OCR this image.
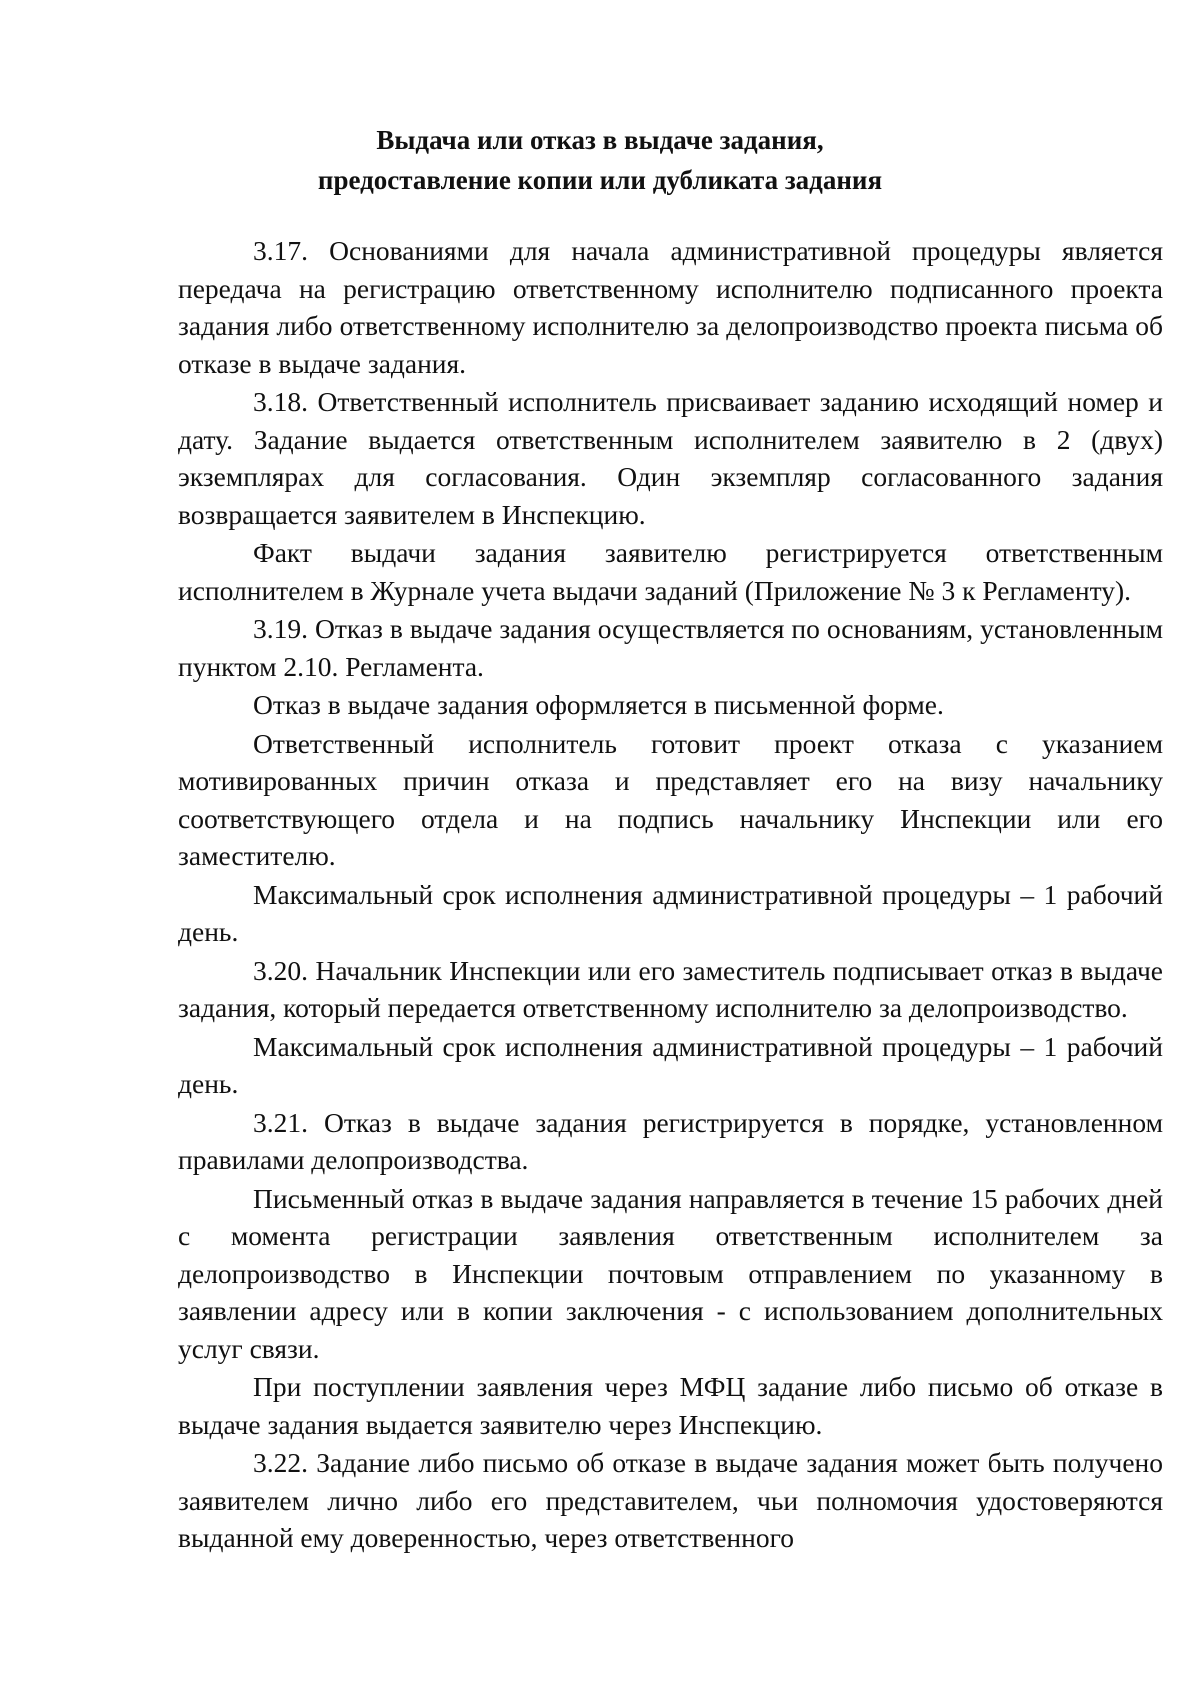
Выдача или отказ в выдаче задания,
предоставление копии или дубликата задания

3.17. Основаниями для начала административной процедуры является передача на регистрацию ответственному исполнителю подписанного проекта задания либо ответственному исполнителю за делопроизводство проекта письма об отказе в выдаче задания.

3.18. Ответственный исполнитель присваивает заданию исходящий номер и дату. Задание выдается ответственным исполнителем заявителю в 2 (двух) экземплярах для согласования. Один экземпляр согласованного задания возвращается заявителем в Инспекцию.

Факт выдачи задания заявителю регистрируется ответственным исполнителем в Журнале учета выдачи заданий (Приложение № 3 к Регламенту).

3.19. Отказ в выдаче задания осуществляется по основаниям, установленным пунктом 2.10. Регламента.

Отказ в выдаче задания оформляется в письменной форме.

Ответственный исполнитель готовит проект отказа с указанием мотивированных причин отказа и представляет его на визу начальнику соответствующего отдела и на подпись начальнику Инспекции или его заместителю.

Максимальный срок исполнения административной процедуры – 1 рабочий день.

3.20. Начальник Инспекции или его заместитель подписывает отказ в выдаче задания, который передается ответственному исполнителю за делопроизводство.

Максимальный срок исполнения административной процедуры – 1 рабочий день.

3.21. Отказ в выдаче задания регистрируется в порядке, установленном правилами делопроизводства.

Письменный отказ в выдаче задания направляется в течение 15 рабочих дней с момента регистрации заявления ответственным исполнителем за делопроизводство в Инспекции почтовым отправлением по указанному в заявлении адресу или в копии заключения - с использованием дополнительных услуг связи.

При поступлении заявления через МФЦ задание либо письмо об отказе в выдаче задания выдается заявителю через Инспекцию.

3.22. Задание либо письмо об отказе в выдаче задания может быть получено заявителем лично либо его представителем, чьи полномочия удостоверяются выданной ему доверенностью, через ответственного
